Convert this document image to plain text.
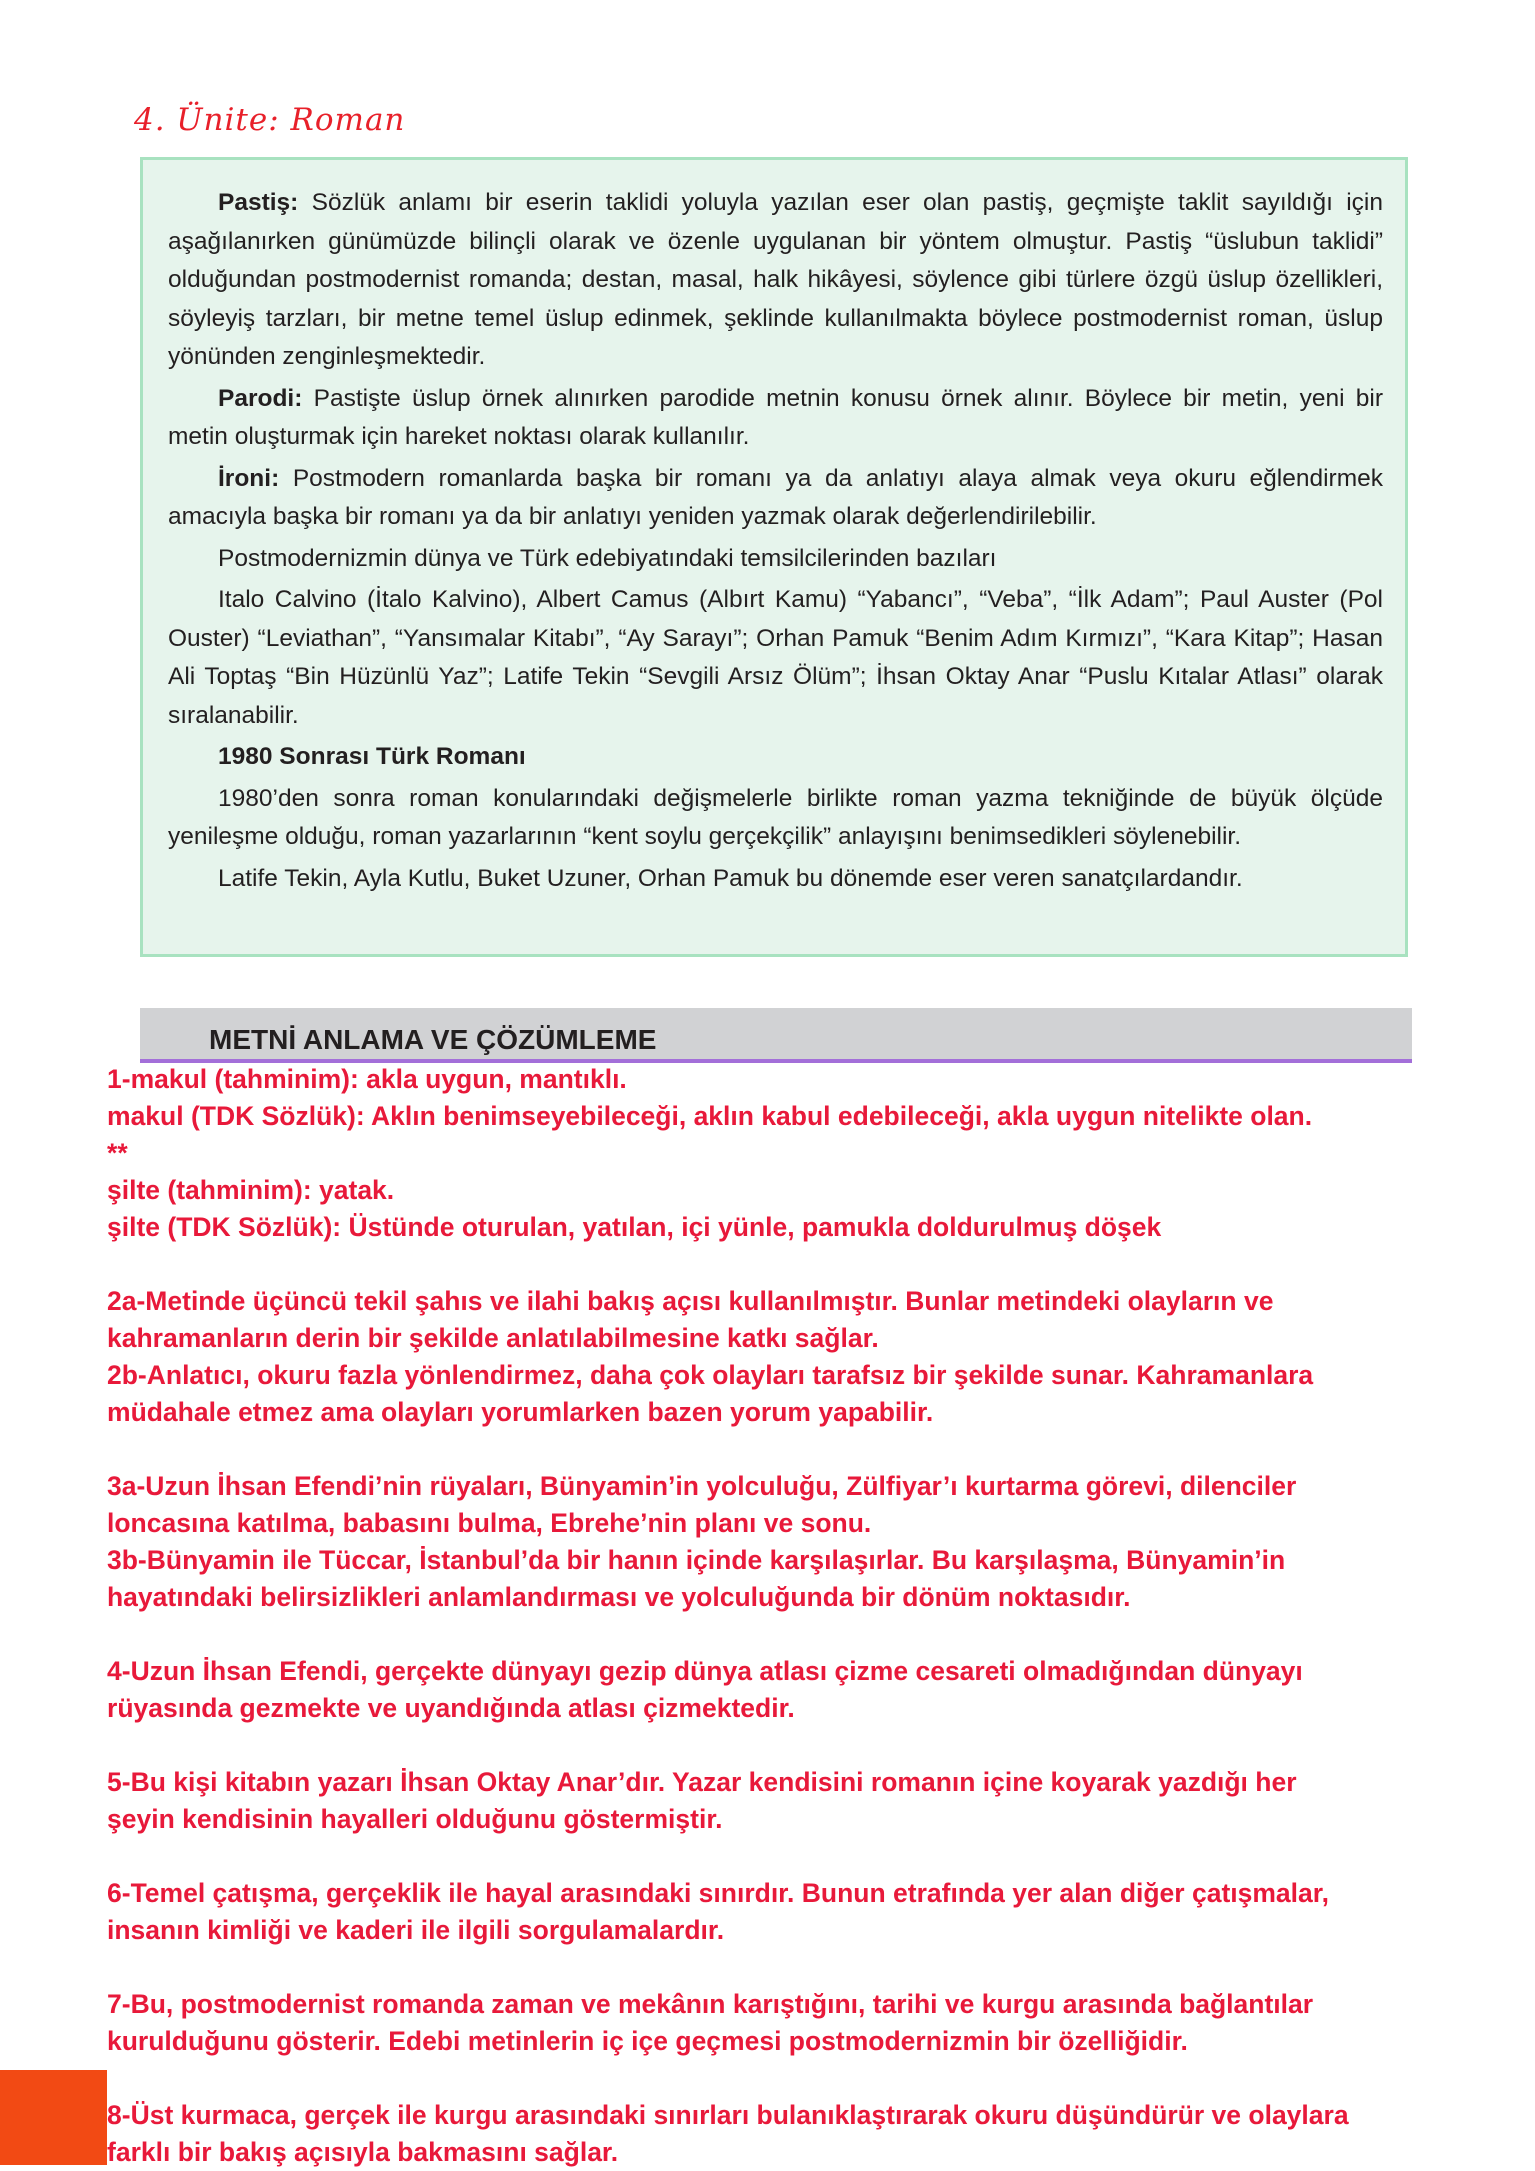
4. Ünite: Roman

Pastiş: Sözlük anlamı bir eserin taklidi yoluyla yazılan eser olan pastiş, geçmişte taklit sayıldığı için aşağılanırken günümüzde bilinçli olarak ve özenle uygulanan bir yöntem olmuştur. Pastiş “üslubun taklidi” olduğundan postmodernist romanda; destan, masal, halk hikâyesi, söylence gibi türlere özgü üslup özellikleri, söyleyiş tarzları, bir metne temel üslup edinmek, şeklinde kullanılmakta böylece postmodernist roman, üslup yönünden zenginleşmektedir.

Parodi: Pastişte üslup örnek alınırken parodide metnin konusu örnek alınır. Böylece bir metin, yeni bir metin oluşturmak için hareket noktası olarak kullanılır.

İroni: Postmodern romanlarda başka bir romanı ya da anlatıyı alaya almak veya okuru eğlendirmek amacıyla başka bir romanı ya da bir anlatıyı yeniden yazmak olarak değerlendirilebilir.

Postmodernizmin dünya ve Türk edebiyatındaki temsilcilerinden bazıları

Italo Calvino (İtalo Kalvino), Albert Camus (Albırt Kamu) “Yabancı”, “Veba”, “İlk Adam”; Paul Auster (Pol Ouster) “Leviathan”, “Yansımalar Kitabı”, “Ay Sarayı”; Orhan Pamuk “Benim Adım Kırmızı”, “Kara Kitap”; Hasan Ali Toptaş “Bin Hüzünlü Yaz”; Latife Tekin “Sevgili Arsız Ölüm”; İhsan Oktay Anar “Puslu Kıtalar Atlası” olarak sıralanabilir.

1980 Sonrası Türk Romanı

1980’den sonra roman konularındaki değişmelerle birlikte roman yazma tekniğinde de büyük ölçüde yenileşme olduğu, roman yazarlarının “kent soylu gerçekçilik” anlayışını benimsedikleri söylenebilir.

Latife Tekin, Ayla Kutlu, Buket Uzuner, Orhan Pamuk bu dönemde eser veren sanatçılardandır.

METNİ ANLAMA VE ÇÖZÜMLEME
1-makul (tahminim): akla uygun, mantıklı.
makul (TDK Sözlük): Aklın benimseyebileceği, aklın kabul edebileceği, akla uygun nitelikte olan.
**
şilte (tahminim): yatak.
şilte (TDK Sözlük): Üstünde oturulan, yatılan, içi yünle, pamukla doldurulmuş döşek
2a-Metinde üçüncü tekil şahıs ve ilahi bakış açısı kullanılmıştır. Bunlar metindeki olayların ve
kahramanların derin bir şekilde anlatılabilmesine katkı sağlar.
2b-Anlatıcı, okuru fazla yönlendirmez, daha çok olayları tarafsız bir şekilde sunar. Kahramanlara
müdahale etmez ama olayları yorumlarken bazen yorum yapabilir.
3a-Uzun İhsan Efendi’nin rüyaları, Bünyamin’in yolculuğu, Zülfiyar’ı kurtarma görevi, dilenciler
loncasına katılma, babasını bulma, Ebrehe’nin planı ve sonu.
3b-Bünyamin ile Tüccar, İstanbul’da bir hanın içinde karşılaşırlar. Bu karşılaşma, Bünyamin’in
hayatındaki belirsizlikleri anlamlandırması ve yolculuğunda bir dönüm noktasıdır.
4-Uzun İhsan Efendi, gerçekte dünyayı gezip dünya atlası çizme cesareti olmadığından dünyayı
rüyasında gezmekte ve uyandığında atlası çizmektedir.
5-Bu kişi kitabın yazarı İhsan Oktay Anar’dır. Yazar kendisini romanın içine koyarak yazdığı her
şeyin kendisinin hayalleri olduğunu göstermiştir.
6-Temel çatışma, gerçeklik ile hayal arasındaki sınırdır. Bunun etrafında yer alan diğer çatışmalar,
insanın kimliği ve kaderi ile ilgili sorgulamalardır.
7-Bu, postmodernist romanda zaman ve mekânın karıştığını, tarihi ve kurgu arasında bağlantılar
kurulduğunu gösterir. Edebi metinlerin iç içe geçmesi postmodernizmin bir özelliğidir.
8-Üst kurmaca, gerçek ile kurgu arasındaki sınırları bulanıklaştırarak okuru düşündürür ve olaylara
farklı bir bakış açısıyla bakmasını sağlar.
